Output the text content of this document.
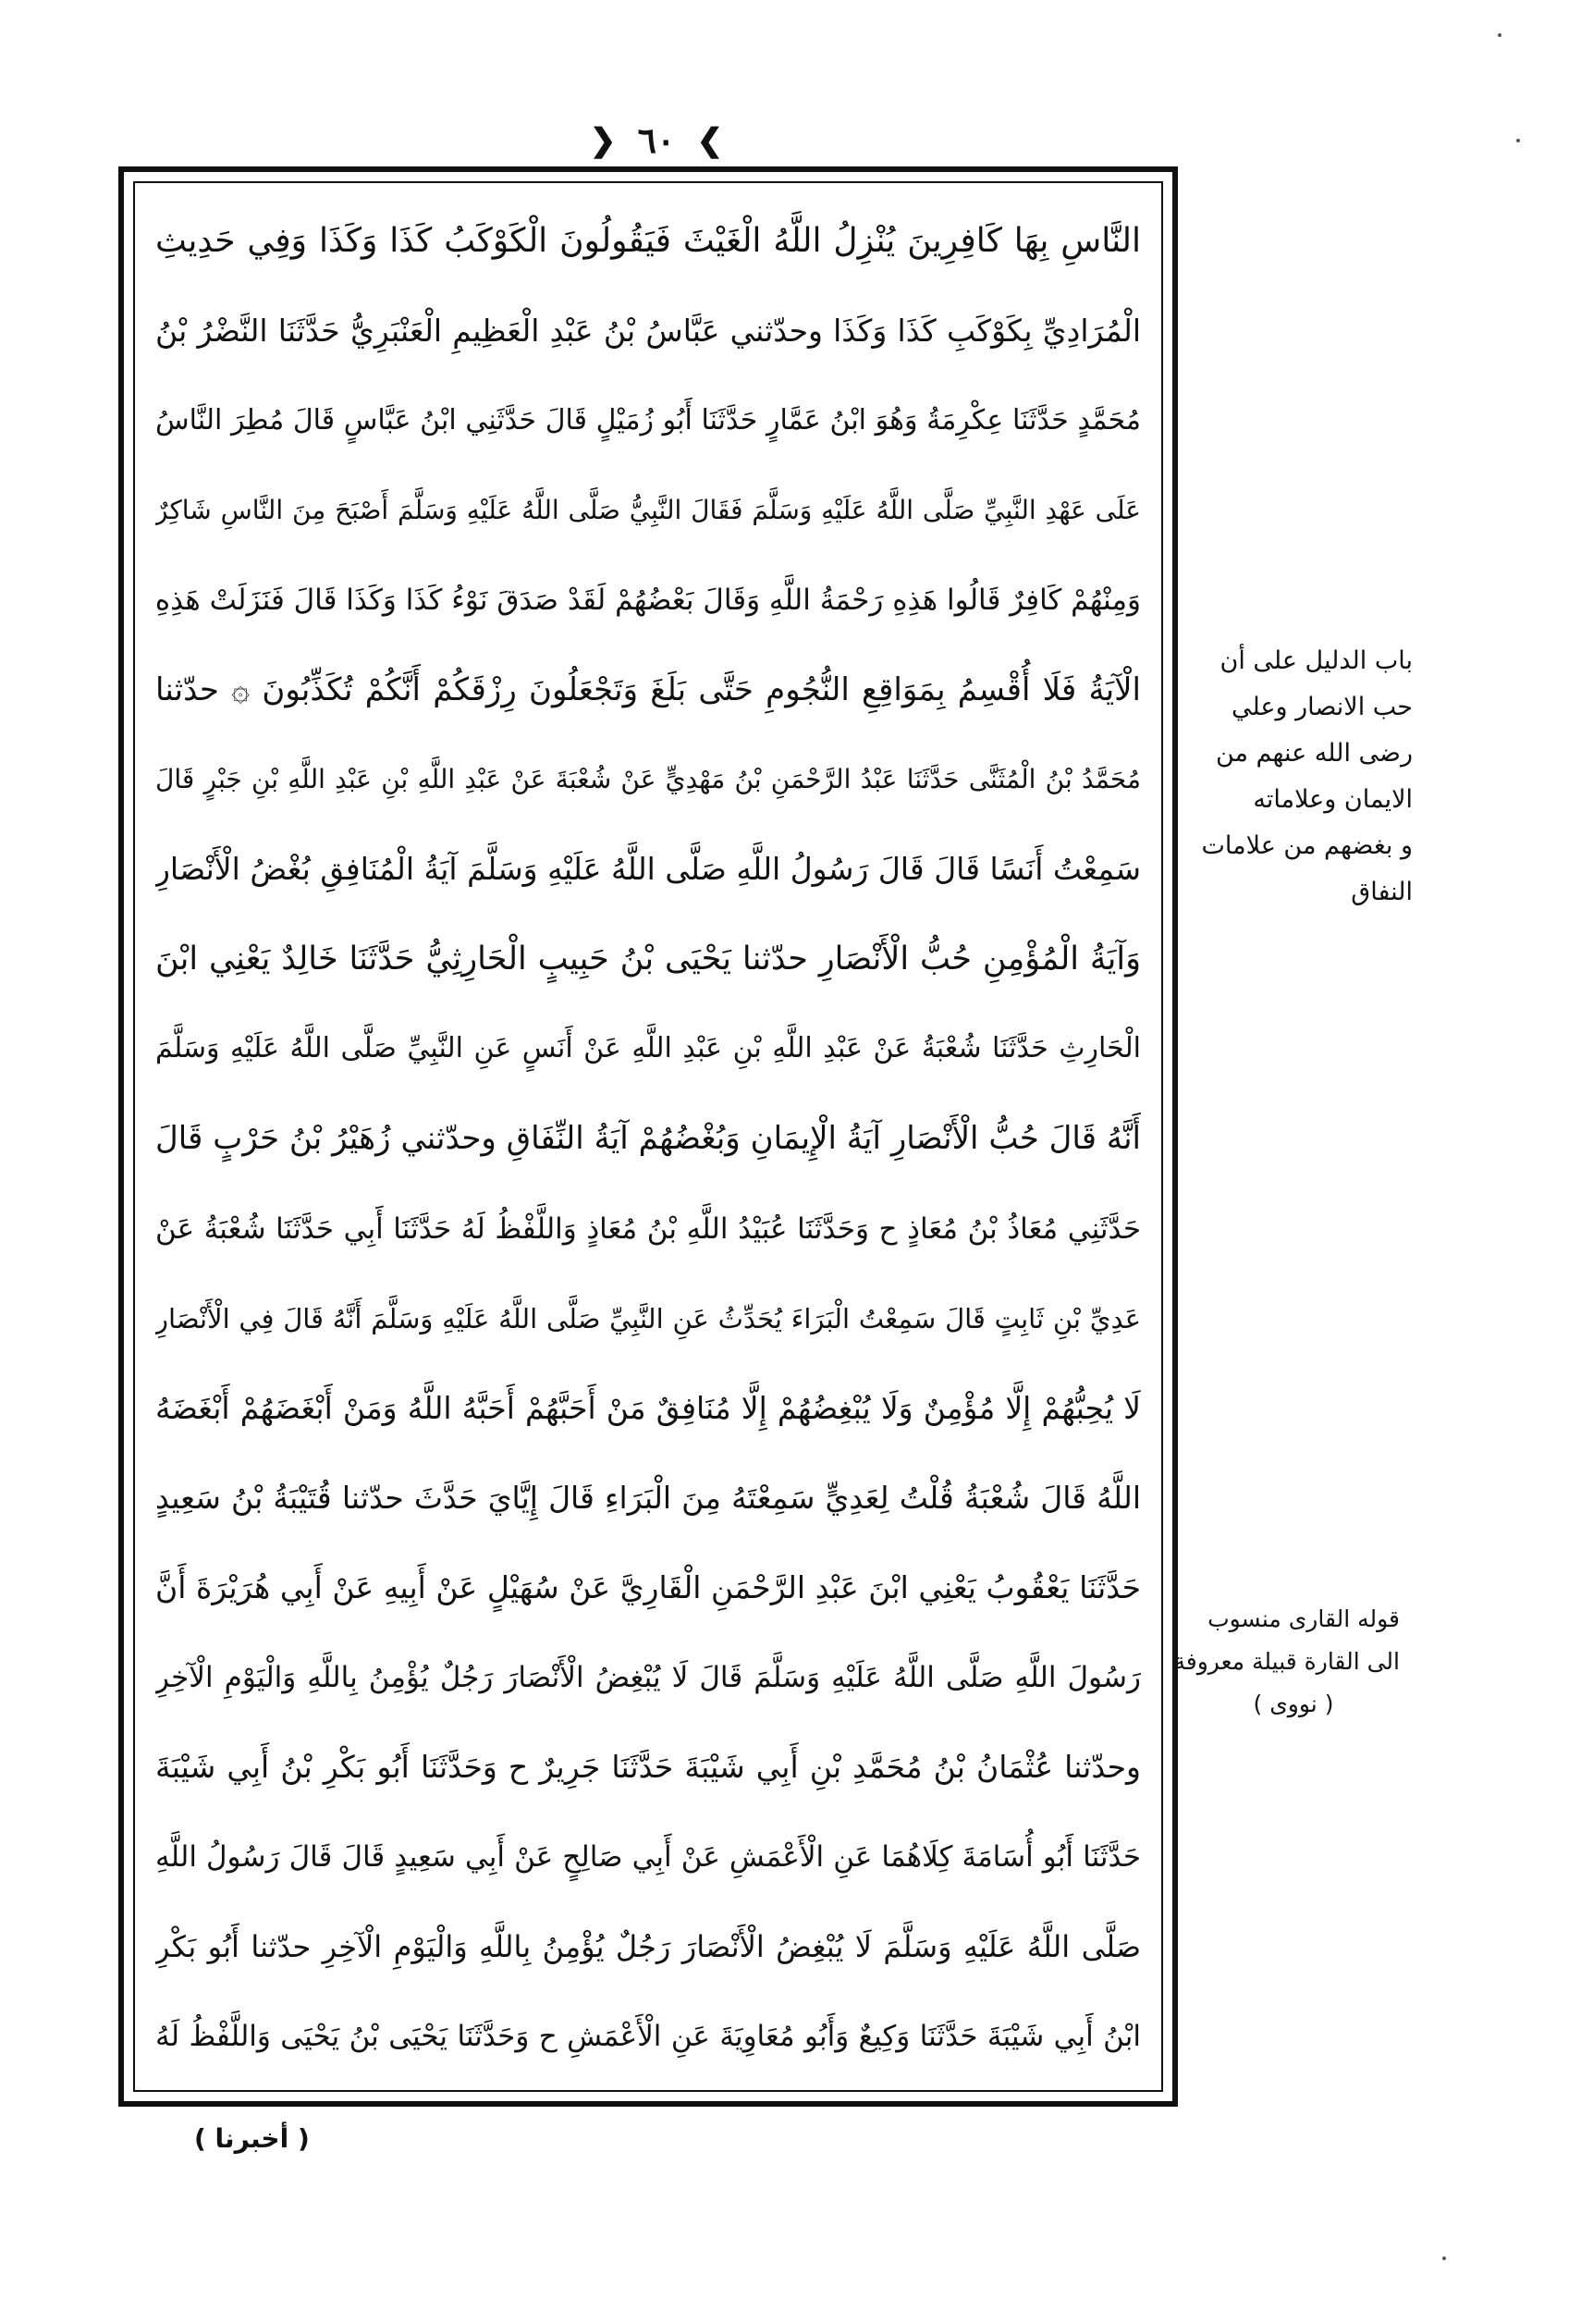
❯ ٦٠ ❮
النَّاسِ بِهَا كَافِرِينَ يُنْزِلُ اللَّهُ الْغَيْثَ فَيَقُولُونَ الْكَوْكَبُ كَذَا وَكَذَا وَفِي حَدِيثِ
الْمُرَادِيِّ بِكَوْكَبِ كَذَا وَكَذَا وحدّثني عَبَّاسُ بْنُ عَبْدِ الْعَظِيمِ الْعَنْبَرِيُّ حَدَّثَنَا النَّضْرُ بْنُ
مُحَمَّدٍ حَدَّثَنَا عِكْرِمَةُ وَهُوَ ابْنُ عَمَّارٍ حَدَّثَنَا أَبُو زُمَيْلٍ قَالَ حَدَّثَنِي ابْنُ عَبَّاسٍ قَالَ مُطِرَ النَّاسُ
عَلَى عَهْدِ النَّبِيِّ صَلَّى اللَّهُ عَلَيْهِ وَسَلَّمَ فَقَالَ النَّبِيُّ صَلَّى اللَّهُ عَلَيْهِ وَسَلَّمَ أَصْبَحَ مِنَ النَّاسِ شَاكِرٌ
وَمِنْهُمْ كَافِرٌ قَالُوا هَذِهِ رَحْمَةُ اللَّهِ وَقَالَ بَعْضُهُمْ لَقَدْ صَدَقَ نَوْءُ كَذَا وَكَذَا قَالَ فَنَزَلَتْ هَذِهِ
الْآيَةُ فَلَا أُقْسِمُ بِمَوَاقِعِ النُّجُومِ حَتَّى بَلَغَ وَتَجْعَلُونَ رِزْقَكُمْ أَنَّكُمْ تُكَذِّبُونَ ۞ حدّثنا
مُحَمَّدُ بْنُ الْمُثَنَّى حَدَّثَنَا عَبْدُ الرَّحْمَنِ بْنُ مَهْدِيٍّ عَنْ شُعْبَةَ عَنْ عَبْدِ اللَّهِ بْنِ عَبْدِ اللَّهِ بْنِ جَبْرٍ قَالَ
سَمِعْتُ أَنَسًا قَالَ قَالَ رَسُولُ اللَّهِ صَلَّى اللَّهُ عَلَيْهِ وَسَلَّمَ آيَةُ الْمُنَافِقِ بُغْضُ الْأَنْصَارِ
وَآيَةُ الْمُؤْمِنِ حُبُّ الْأَنْصَارِ حدّثنا يَحْيَى بْنُ حَبِيبٍ الْحَارِثِيُّ حَدَّثَنَا خَالِدٌ يَعْنِي ابْنَ
الْحَارِثِ حَدَّثَنَا شُعْبَةُ عَنْ عَبْدِ اللَّهِ بْنِ عَبْدِ اللَّهِ عَنْ أَنَسٍ عَنِ النَّبِيِّ صَلَّى اللَّهُ عَلَيْهِ وَسَلَّمَ
أَنَّهُ قَالَ حُبُّ الْأَنْصَارِ آيَةُ الْإِيمَانِ وَبُغْضُهُمْ آيَةُ النِّفَاقِ وحدّثني زُهَيْرُ بْنُ حَرْبٍ قَالَ
حَدَّثَنِي مُعَاذُ بْنُ مُعَاذٍ ح وَحَدَّثَنَا عُبَيْدُ اللَّهِ بْنُ مُعَاذٍ وَاللَّفْظُ لَهُ حَدَّثَنَا أَبِي حَدَّثَنَا شُعْبَةُ عَنْ
عَدِيِّ بْنِ ثَابِتٍ قَالَ سَمِعْتُ الْبَرَاءَ يُحَدِّثُ عَنِ النَّبِيِّ صَلَّى اللَّهُ عَلَيْهِ وَسَلَّمَ أَنَّهُ قَالَ فِي الْأَنْصَارِ
لَا يُحِبُّهُمْ إِلَّا مُؤْمِنٌ وَلَا يُبْغِضُهُمْ إِلَّا مُنَافِقٌ مَنْ أَحَبَّهُمْ أَحَبَّهُ اللَّهُ وَمَنْ أَبْغَضَهُمْ أَبْغَضَهُ
اللَّهُ قَالَ شُعْبَةُ قُلْتُ لِعَدِيٍّ سَمِعْتَهُ مِنَ الْبَرَاءِ قَالَ إِيَّايَ حَدَّثَ حدّثنا قُتَيْبَةُ بْنُ سَعِيدٍ
حَدَّثَنَا يَعْقُوبُ يَعْنِي ابْنَ عَبْدِ الرَّحْمَنِ الْقَارِيَّ عَنْ سُهَيْلٍ عَنْ أَبِيهِ عَنْ أَبِي هُرَيْرَةَ أَنَّ
رَسُولَ اللَّهِ صَلَّى اللَّهُ عَلَيْهِ وَسَلَّمَ قَالَ لَا يُبْغِضُ الْأَنْصَارَ رَجُلٌ يُؤْمِنُ بِاللَّهِ وَالْيَوْمِ الْآخِرِ
وحدّثنا عُثْمَانُ بْنُ مُحَمَّدِ بْنِ أَبِي شَيْبَةَ حَدَّثَنَا جَرِيرٌ ح وَحَدَّثَنَا أَبُو بَكْرِ بْنُ أَبِي شَيْبَةَ
حَدَّثَنَا أَبُو أُسَامَةَ كِلَاهُمَا عَنِ الْأَعْمَشِ عَنْ أَبِي صَالِحٍ عَنْ أَبِي سَعِيدٍ قَالَ قَالَ رَسُولُ اللَّهِ
صَلَّى اللَّهُ عَلَيْهِ وَسَلَّمَ لَا يُبْغِضُ الْأَنْصَارَ رَجُلٌ يُؤْمِنُ بِاللَّهِ وَالْيَوْمِ الْآخِرِ حدّثنا أَبُو بَكْرِ
ابْنُ أَبِي شَيْبَةَ حَدَّثَنَا وَكِيعٌ وَأَبُو مُعَاوِيَةَ عَنِ الْأَعْمَشِ ح وَحَدَّثَنَا يَحْيَى بْنُ يَحْيَى وَاللَّفْظُ لَهُ
باب الدليل على أن
حب الانصار وعلي
رضى الله عنهم من
الايمان وعلاماته
و بغضهم من علامات
النفاق
قوله القارى منسوب
الى القارة قبيلة معروفة
( نووى )
( أخبرنا )
